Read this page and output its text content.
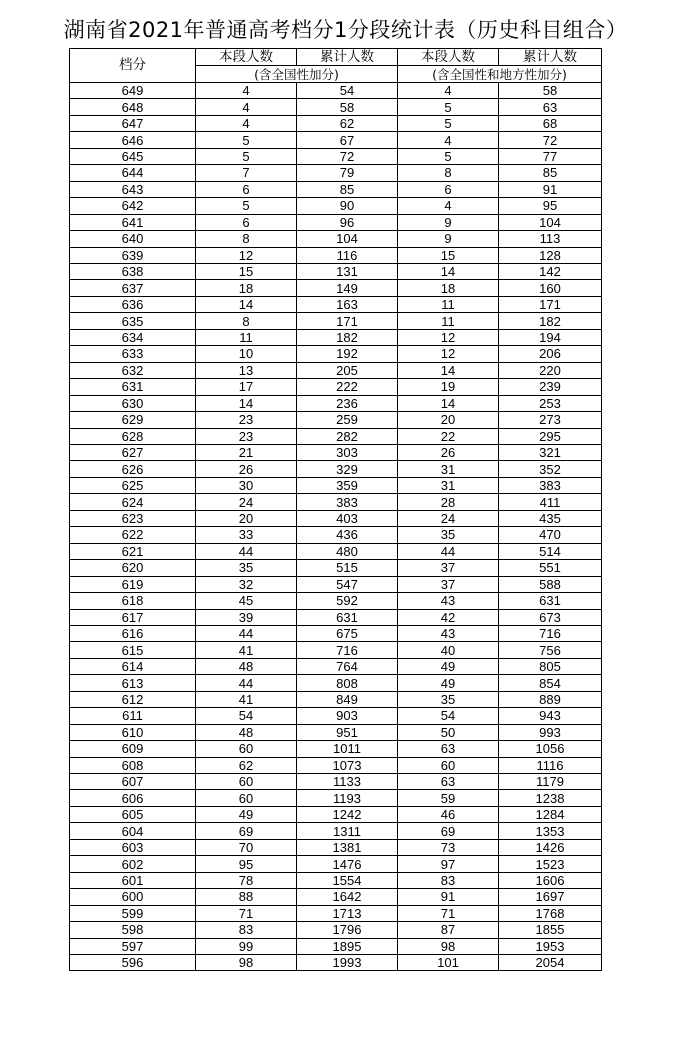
湖南省2021年普通高考档分1分段统计表（历史科目组合）
档分	本段人数	累计人数	本段人数	累计人数
	(含全国性加分)		(含全国性和地方性加分)	
649	4	54	4	58
648	4	58	5	63
647	4	62	5	68
646	5	67	4	72
645	5	72	5	77
644	7	79	8	85
643	6	85	6	91
642	5	90	4	95
641	6	96	9	104
640	8	104	9	113
639	12	116	15	128
638	15	131	14	142
637	18	149	18	160
636	14	163	11	171
635	8	171	11	182
634	11	182	12	194
633	10	192	12	206
632	13	205	14	220
631	17	222	19	239
630	14	236	14	253
629	23	259	20	273
628	23	282	22	295
627	21	303	26	321
626	26	329	31	352
625	30	359	31	383
624	24	383	28	411
623	20	403	24	435
622	33	436	35	470
621	44	480	44	514
620	35	515	37	551
619	32	547	37	588
618	45	592	43	631
617	39	631	42	673
616	44	675	43	716
615	41	716	40	756
614	48	764	49	805
613	44	808	49	854
612	41	849	35	889
611	54	903	54	943
610	48	951	50	993
609	60	1011	63	1056
608	62	1073	60	1116
607	60	1133	63	1179
606	60	1193	59	1238
605	49	1242	46	1284
604	69	1311	69	1353
603	70	1381	73	1426
602	95	1476	97	1523
601	78	1554	83	1606
600	88	1642	91	1697
599	71	1713	71	1768
598	83	1796	87	1855
597	99	1895	98	1953
596	98	1993	101	2054
